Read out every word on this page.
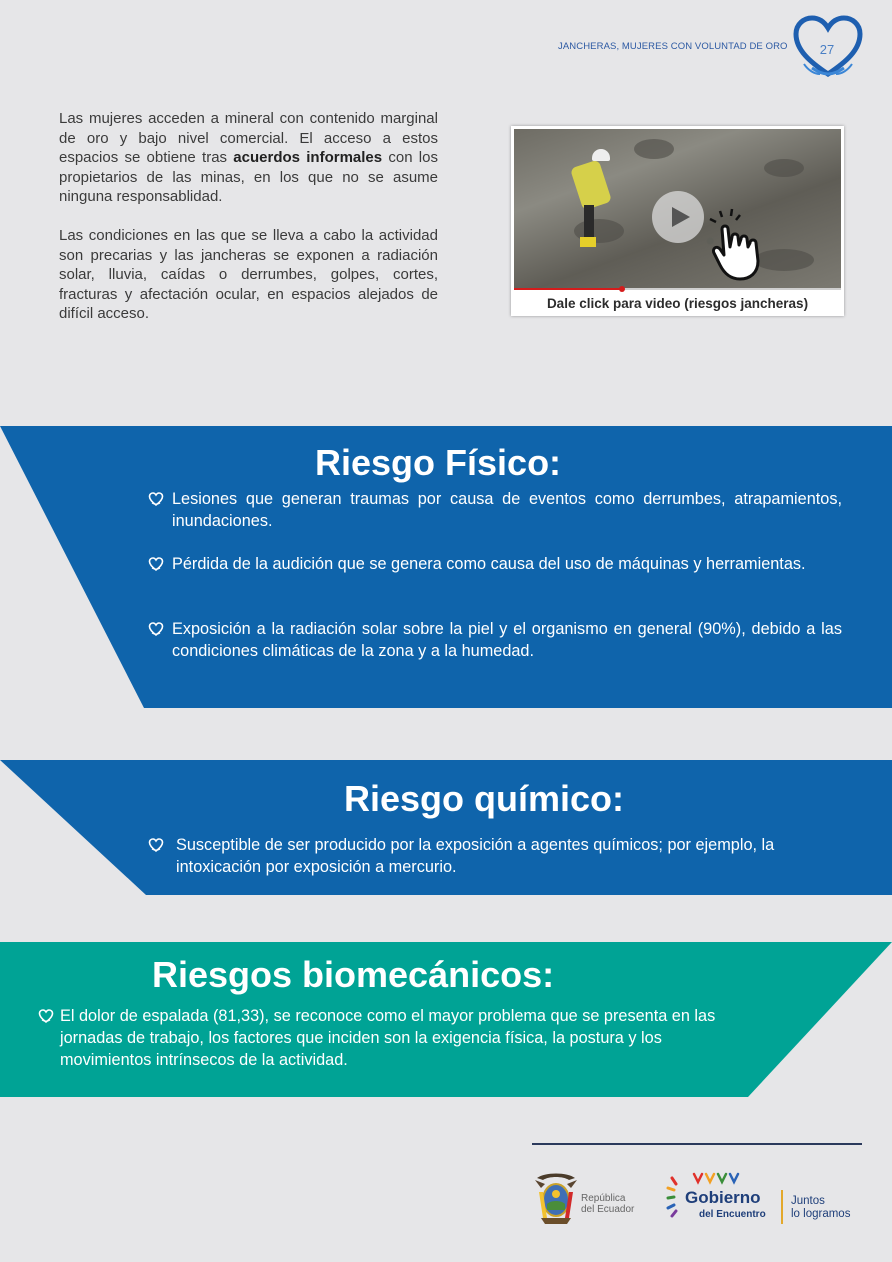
JANCHERAS, MUJERES CON VOLUNTAD DE ORO	27

Las mujeres acceden a mineral con contenido marginal de oro y bajo nivel comercial. El acceso a estos espacios se obtiene tras acuerdos informales con los propietarios de las minas, en los que no se asume ninguna responsablidad.

Las condiciones en las que se lleva a cabo la actividad son precarias y las jancheras se exponen a radiación solar, lluvia, caídas o derrumbes, golpes, cortes, fracturas y afectación ocular, en espacios alejados de difícil acceso.

Dale click para video (riesgos jancheras)
Riesgo Físico:
Lesiones que generan traumas por causa de eventos como derrumbes, atrapamientos, inundaciones.
Pérdida de la audición que se genera como causa del uso de máquinas y herramientas.
Exposición a la radiación solar sobre la piel y el organismo en general (90%), debido a las condiciones climáticas de la zona y a la humedad.
Riesgo químico:
Susceptible de ser producido por la exposición a agentes químicos; por ejemplo, la intoxicación por exposición a mercurio.
Riesgos biomecánicos:
El dolor de espalada (81,33), se reconoce como el mayor problema que se presenta en las jornadas de trabajo, los factores que inciden son la exigencia física, la postura y los movimientos intrínsecos de la actividad.
República
del Ecuador
Gobierno
del Encuentro
Juntos
lo logramos
